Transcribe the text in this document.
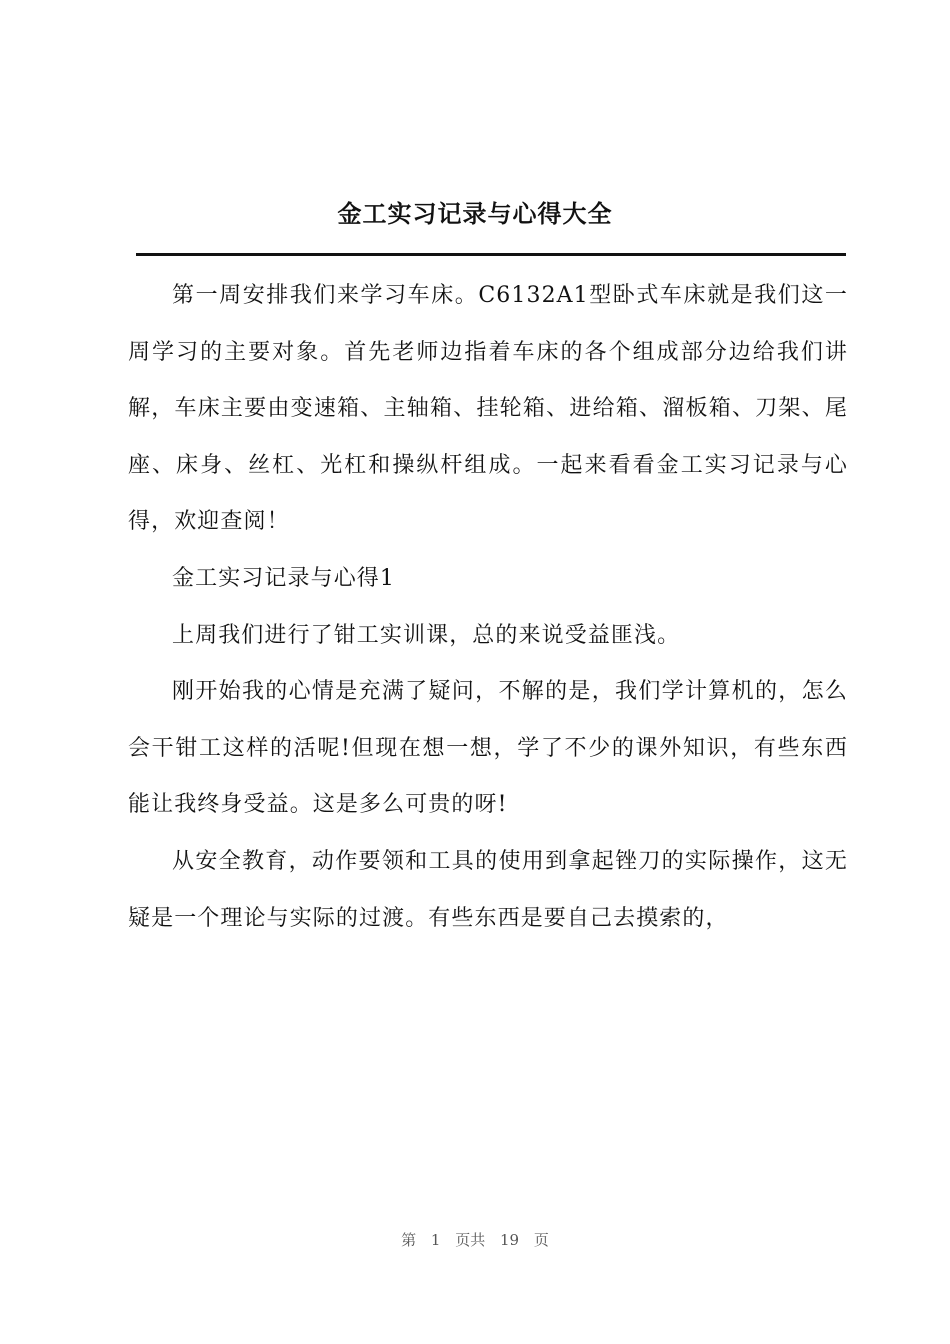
金工实习记录与心得大全

第一周安排我们来学习车床。C6132A1型卧式车床就是我们这一周学习的主要对象。首先老师边指着车床的各个组成部分边给我们讲解，车床主要由变速箱、主轴箱、挂轮箱、进给箱、溜板箱、刀架、尾座、床身、丝杠、光杠和操纵杆组成。一起来看看金工实习记录与心得，欢迎查阅！

金工实习记录与心得1

上周我们进行了钳工实训课，总的来说受益匪浅。

刚开始我的心情是充满了疑问，不解的是，我们学计算机的，怎么会干钳工这样的活呢!但现在想一想，学了不少的课外知识，有些东西能让我终身受益。这是多么可贵的呀!

从安全教育，动作要领和工具的使用到拿起锉刀的实际操作，这无疑是一个理论与实际的过渡。有些东西是要自己去摸索的，

第 1 页共 19 页
